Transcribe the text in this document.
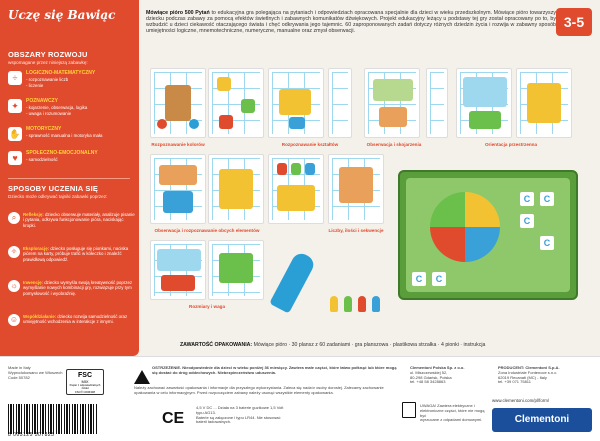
Uczę się Bawiąc
OBSZARY ROZWOJU
wspomagane przez niniejszą zabawkę:
÷	LOGICZNO-MATEMATYCZNY
- rozpoznawanie liczb
- liczenie
✦	POZNAWCZY
- kojarzenie, obserwacja, logika
- uwaga i rozumowanie
✋ MOTORYCZNY
- sprawność manualna i motoryka mała
♥	SPOŁECZNO-EMOCJONALNY
- samodzielność
SPOSOBY UCZENIA SIĘ
Dziecko może odkrywać tajniki zabawki poprzez:
⌕	Refleksję: dziecko obserwuje materiały, analizuje pisanie i pytania, odkrywa funkcjonowanie pióra, naciskając kropki.
✧	Eksplorację: dziecko posługuje się pionkami, naciska piórem na karty, próbuje trafić w kółeczko i znaleźć prawidłową odpowiedź.
☼	Inwencję: dziecko wymyśla swoją kreatywność poprzez wymyślanie nowych kombinacji gry, rozwiązuje przy tym pomysłowość i wyobraźnię.
☺	Współdziałanie: dziecko rozwija samodzielność oraz umiejętność wchodzenia w interakcje z innymi.
3-5
Mówiące pióro 500 Pytań to edukacyjna gra polegająca na pytaniach i odpowiedziach opracowana specjalnie dla dzieci w wieku przedszkolnym. Mówiące pióro towarzyszy dziecku podczas zabawy za pomocą efektów świetlnych i zabawnych komunikatów dźwiękowych. Projekt edukacyjny leżący u podstawy tej gry został opracowany po to, by wzbudzić u dzieci ciekawość otaczającego świata i chęć odkrywania jego tajemnic. 60 zaproponowanych zadań dotyczy różnych dziedzin życia i rozwija w zabawny sposób umiejętności logiczne, mnemotechniczne, numeryczne, manualne oraz zmysł obserwacji.
Rozpoznawanie kolorów	Rozpoznawanie kształtów	Obserwacja i skojarzenia	Orientacja przestrzenna
Obserwacja i rozpoznawanie obcych elementów	Liczby, ilości i sekwencje
Rozmiary i waga
C	C
C
C
C	C
ZAWARTOŚĆ OPAKOWANIA: Mówiące pióro · 30 plansz z 60 zadaniami · gra planszowa · plastikowa strzałka · 4 pionki · instrukcja
Made in Italy
Wyprodukowano we Włoszech
Code 50782	FSC
MIX
Papier z odpowiedzialnych źródeł
FSC® C006308
8 005125 507825
OSTRZEŻENIE. Nieodpowiednie dla dzieci w wieku poniżej 36 miesięcy. Zawiera małe części, które łatwo połknąć lub które mogą się dostać do dróg oddechowych. Niebezpieczeństwo uduszenia.
Należy zachować zawartość opakowania i informacje dla przyszłego wykorzystania. Zaleca się nadzór osoby dorosłej. Zalecamy zachowanie opakowania w celu informacyjnym. Przed rozpoczęciem zabawy należy usunąć wszystkie elementy opakowania.
CE
4,5 V DC ... Działa na 3 baterie guzikowe 1,5 Volt typu AG13.
Baterie są załączone i typu LR44. Nie stosować baterii ładowalnych.
UWAGA! Zawiera elektryczne i elektroniczne części, które nie mogą być
wyrzucane z odpadami domowymi.
Clementoni Polska Sp. z o.o.
ul. Miszczewskiej 52,
80-298 Gdańsk, Polska
tel. +48 58 3428863
PRODUCENT: Clementoni S.p.A.
Zona Industriale Fontenoce s.n.c.
62019 Recanati (MC) - Italy
tel. +39 071 75811
www.clementoni.com/pl/form/
Clementoni
